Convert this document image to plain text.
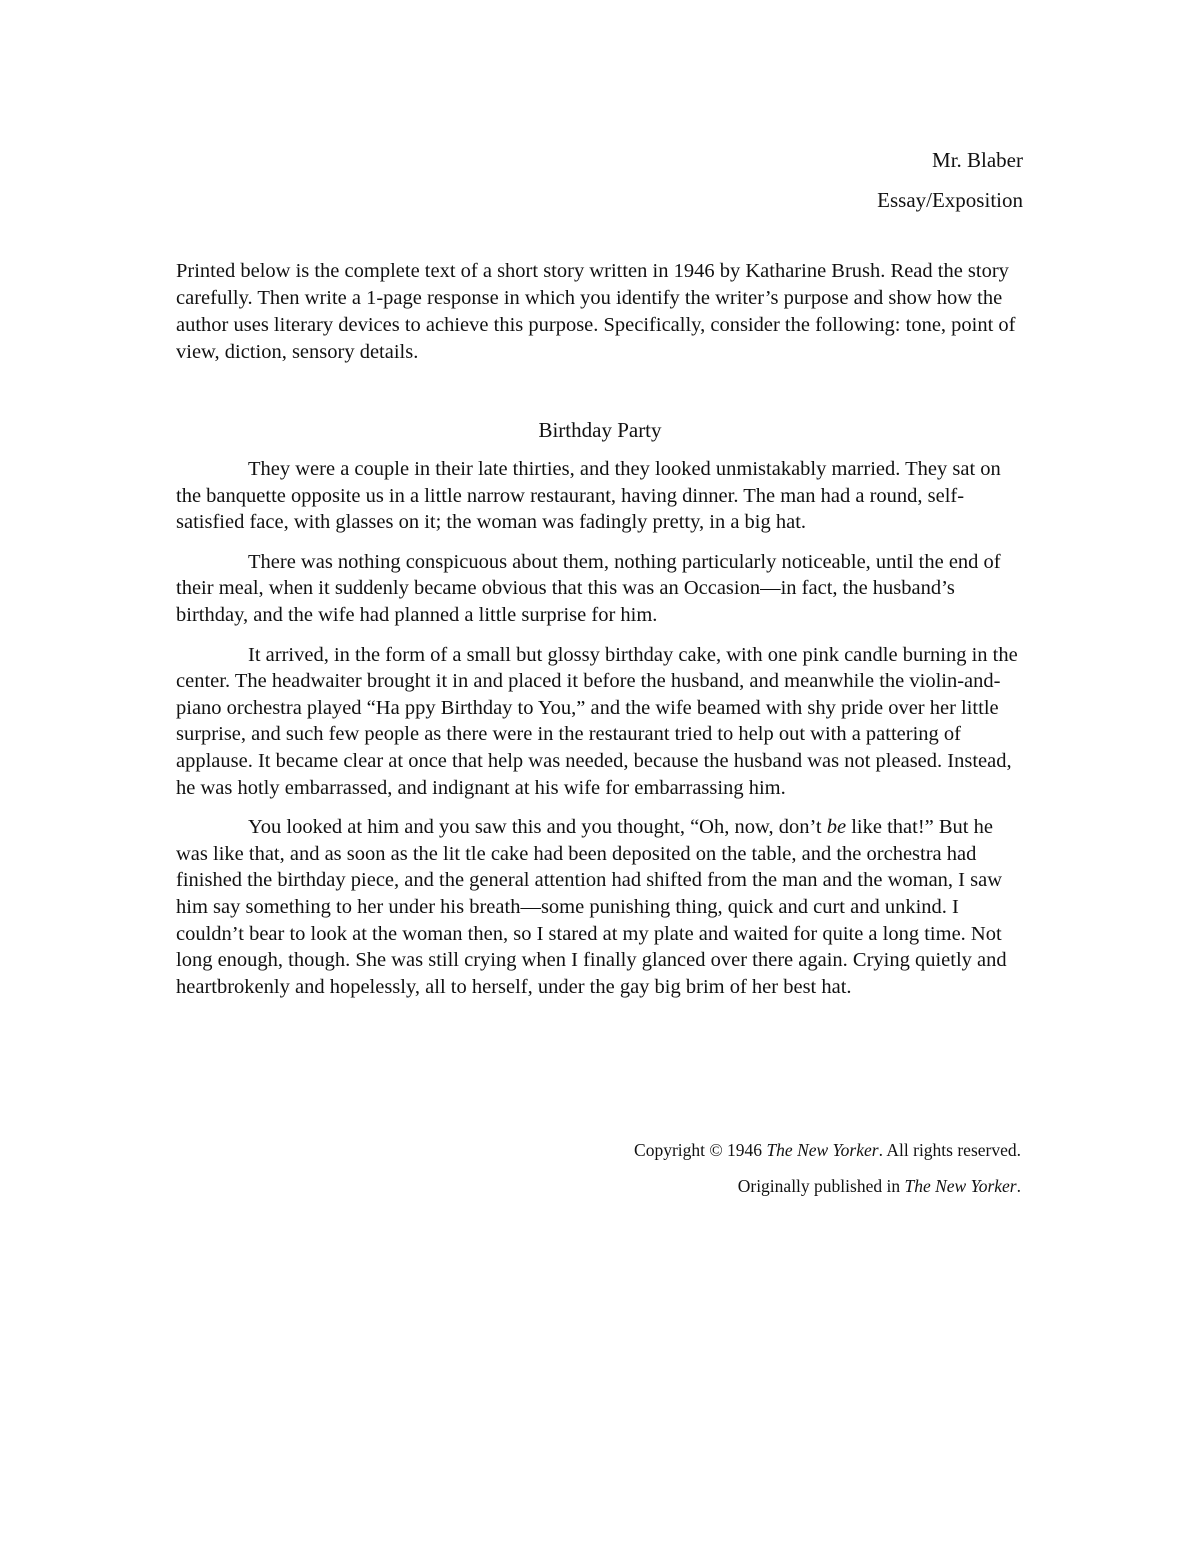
Mr. Blaber
Essay/Exposition
Printed below is the complete text of a short story written in 1946 by Katharine Brush. Read the story carefully. Then write a 1-page response in which you identify the writer’s purpose and show how the author uses literary devices to achieve this purpose. Specifically, consider the following: tone, point of view, diction, sensory details.
Birthday Party

They were a couple in their late thirties, and they looked unmistakably married. They sat on the banquette opposite us in a little narrow restaurant, having dinner. The man had a round, self-satisfied face, with glasses on it; the woman was fadingly pretty, in a big hat.

There was nothing conspicuous about them, nothing particularly noticeable, until the end of their meal, when it suddenly became obvious that this was an Occasion—in fact, the husband’s birthday, and the wife had planned a little surprise for him.

It arrived, in the form of a small but glossy birthday cake, with one pink candle burning in the center. The headwaiter brought it in and placed it before the husband, and meanwhile the violin-and-piano orchestra played “Ha ppy Birthday to You,” and the wife beamed with shy pride over her little surprise, and such few people as there were in the restaurant tried to help out with a pattering of applause. It became clear at once that help was needed, because the husband was not pleased. Instead, he was hotly embarrassed, and indignant at his wife for embarrassing him.

You looked at him and you saw this and you thought, “Oh, now, don’t be like that!” But he was like that, and as soon as the lit tle cake had been deposited on the table, and the orchestra had finished the birthday piece, and the general attention had shifted from the man and the woman, I saw him say something to her under his breath—some punishing thing, quick and curt and unkind. I couldn’t bear to look at the woman then, so I stared at my plate and waited for quite a long time. Not long enough, though. She was still crying when I finally glanced over there again. Crying quietly and heartbrokenly and hopelessly, all to herself, under the gay big brim of her best hat.

Copyright © 1946 The New Yorker. All rights reserved.
Originally published in The New Yorker.
